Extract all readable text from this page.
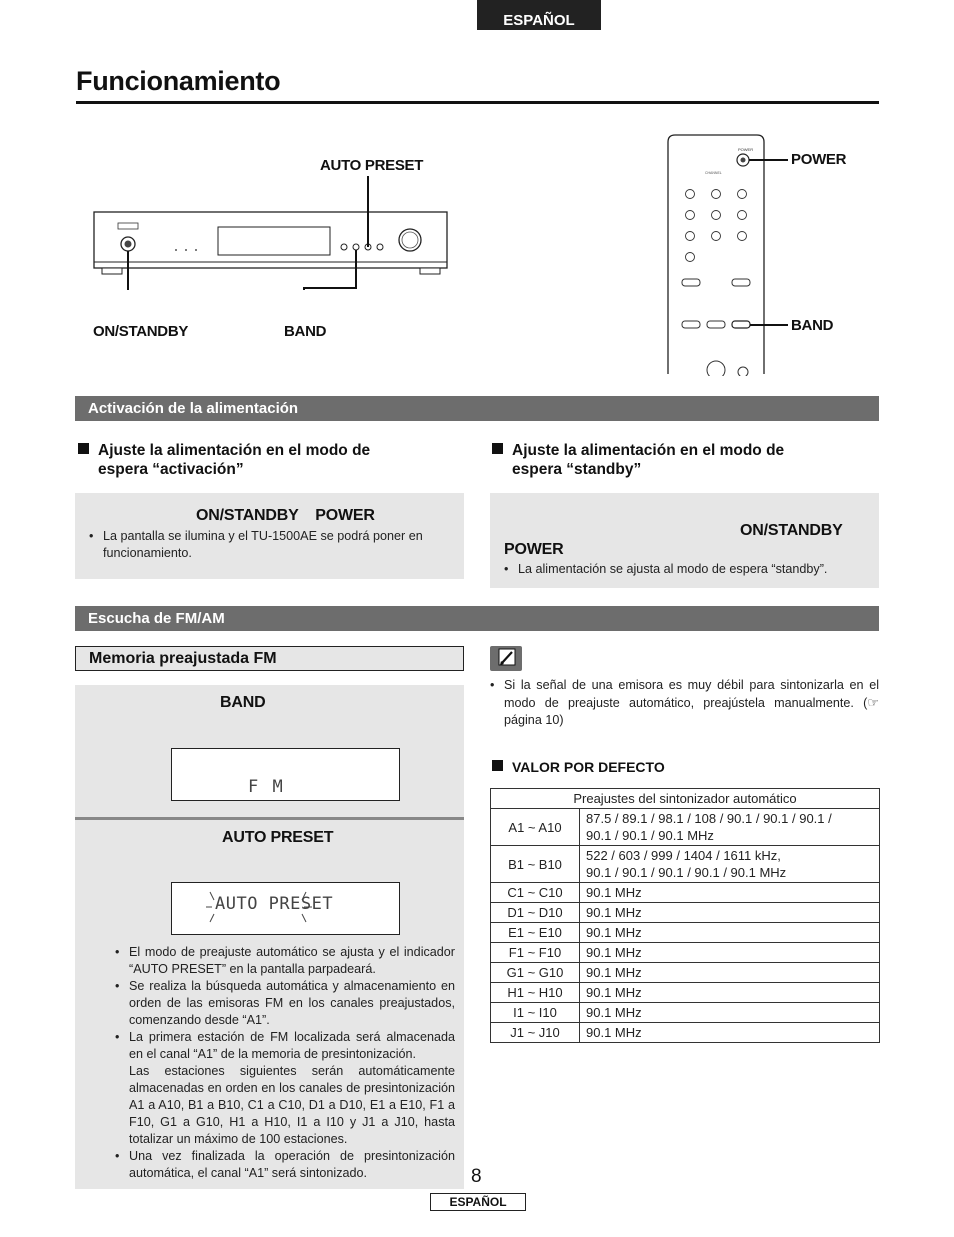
ESPAÑOL
Funcionamiento
AUTO PRESET
ON/STANDBY	BAND
POWER
CHANNEL
POWER
BAND
Activación de la alimentación
Ajuste la alimentación en el modo de
espera “activación”
Ajuste la alimentación en el modo de
espera “standby”
ON/STANDBY    POWER
• La pantalla se ilumina y el TU-1500AE se podrá poner en funcionamiento.
ON/STANDBY
POWER
• La alimentación se ajusta al modo de espera “standby”.
Escucha de FM/AM
Memoria preajustada FM
BAND
F M
AUTO PRESET
AUTO PRESET
• El modo de preajuste automático se ajusta y el indicador “AUTO PRESET” en la pantalla parpadeará.
• Se realiza la búsqueda automática y almacenamiento en orden de las emisoras FM en los canales preajustados, comenzando desde “A1”.
• La primera estación de FM localizada será almacenada en el canal “A1” de la memoria de presintonización.
Las estaciones siguientes serán automáticamente almacenadas en orden en los canales de presintonización A1 a A10, B1 a B10, C1 a C10, D1 a D10, E1 a E10, F1 a F10, G1 a G10, H1 a H10, I1 a I10 y J1 a J10, hasta totalizar un máximo de 100 estaciones.
• Una vez finalizada la operación de presintonización automática, el canal “A1” será sintonizado.
• Si la señal de una emisora es muy débil para sintonizarla en el modo de preajuste automático, preajústela manualmente. (☞ página 10)
VALOR POR DEFECTO
Preajustes del sintonizador automático	
A1 ~ A10	87.5 / 89.1 / 98.1 / 108 / 90.1 / 90.1 / 90.1 /
90.1 / 90.1 / 90.1 MHz
B1 ~ B10	522 / 603 / 999 / 1404 / 1611 kHz,
90.1 / 90.1 / 90.1 / 90.1 / 90.1 MHz
C1 ~ C10	90.1 MHz
D1 ~ D10	90.1 MHz
E1 ~ E10	90.1 MHz
F1 ~ F10	90.1 MHz
G1 ~ G10	90.1 MHz
H1 ~ H10	90.1 MHz
I1 ~ I10	90.1 MHz
J1 ~ J10	90.1 MHz
8
ESPAÑOL
